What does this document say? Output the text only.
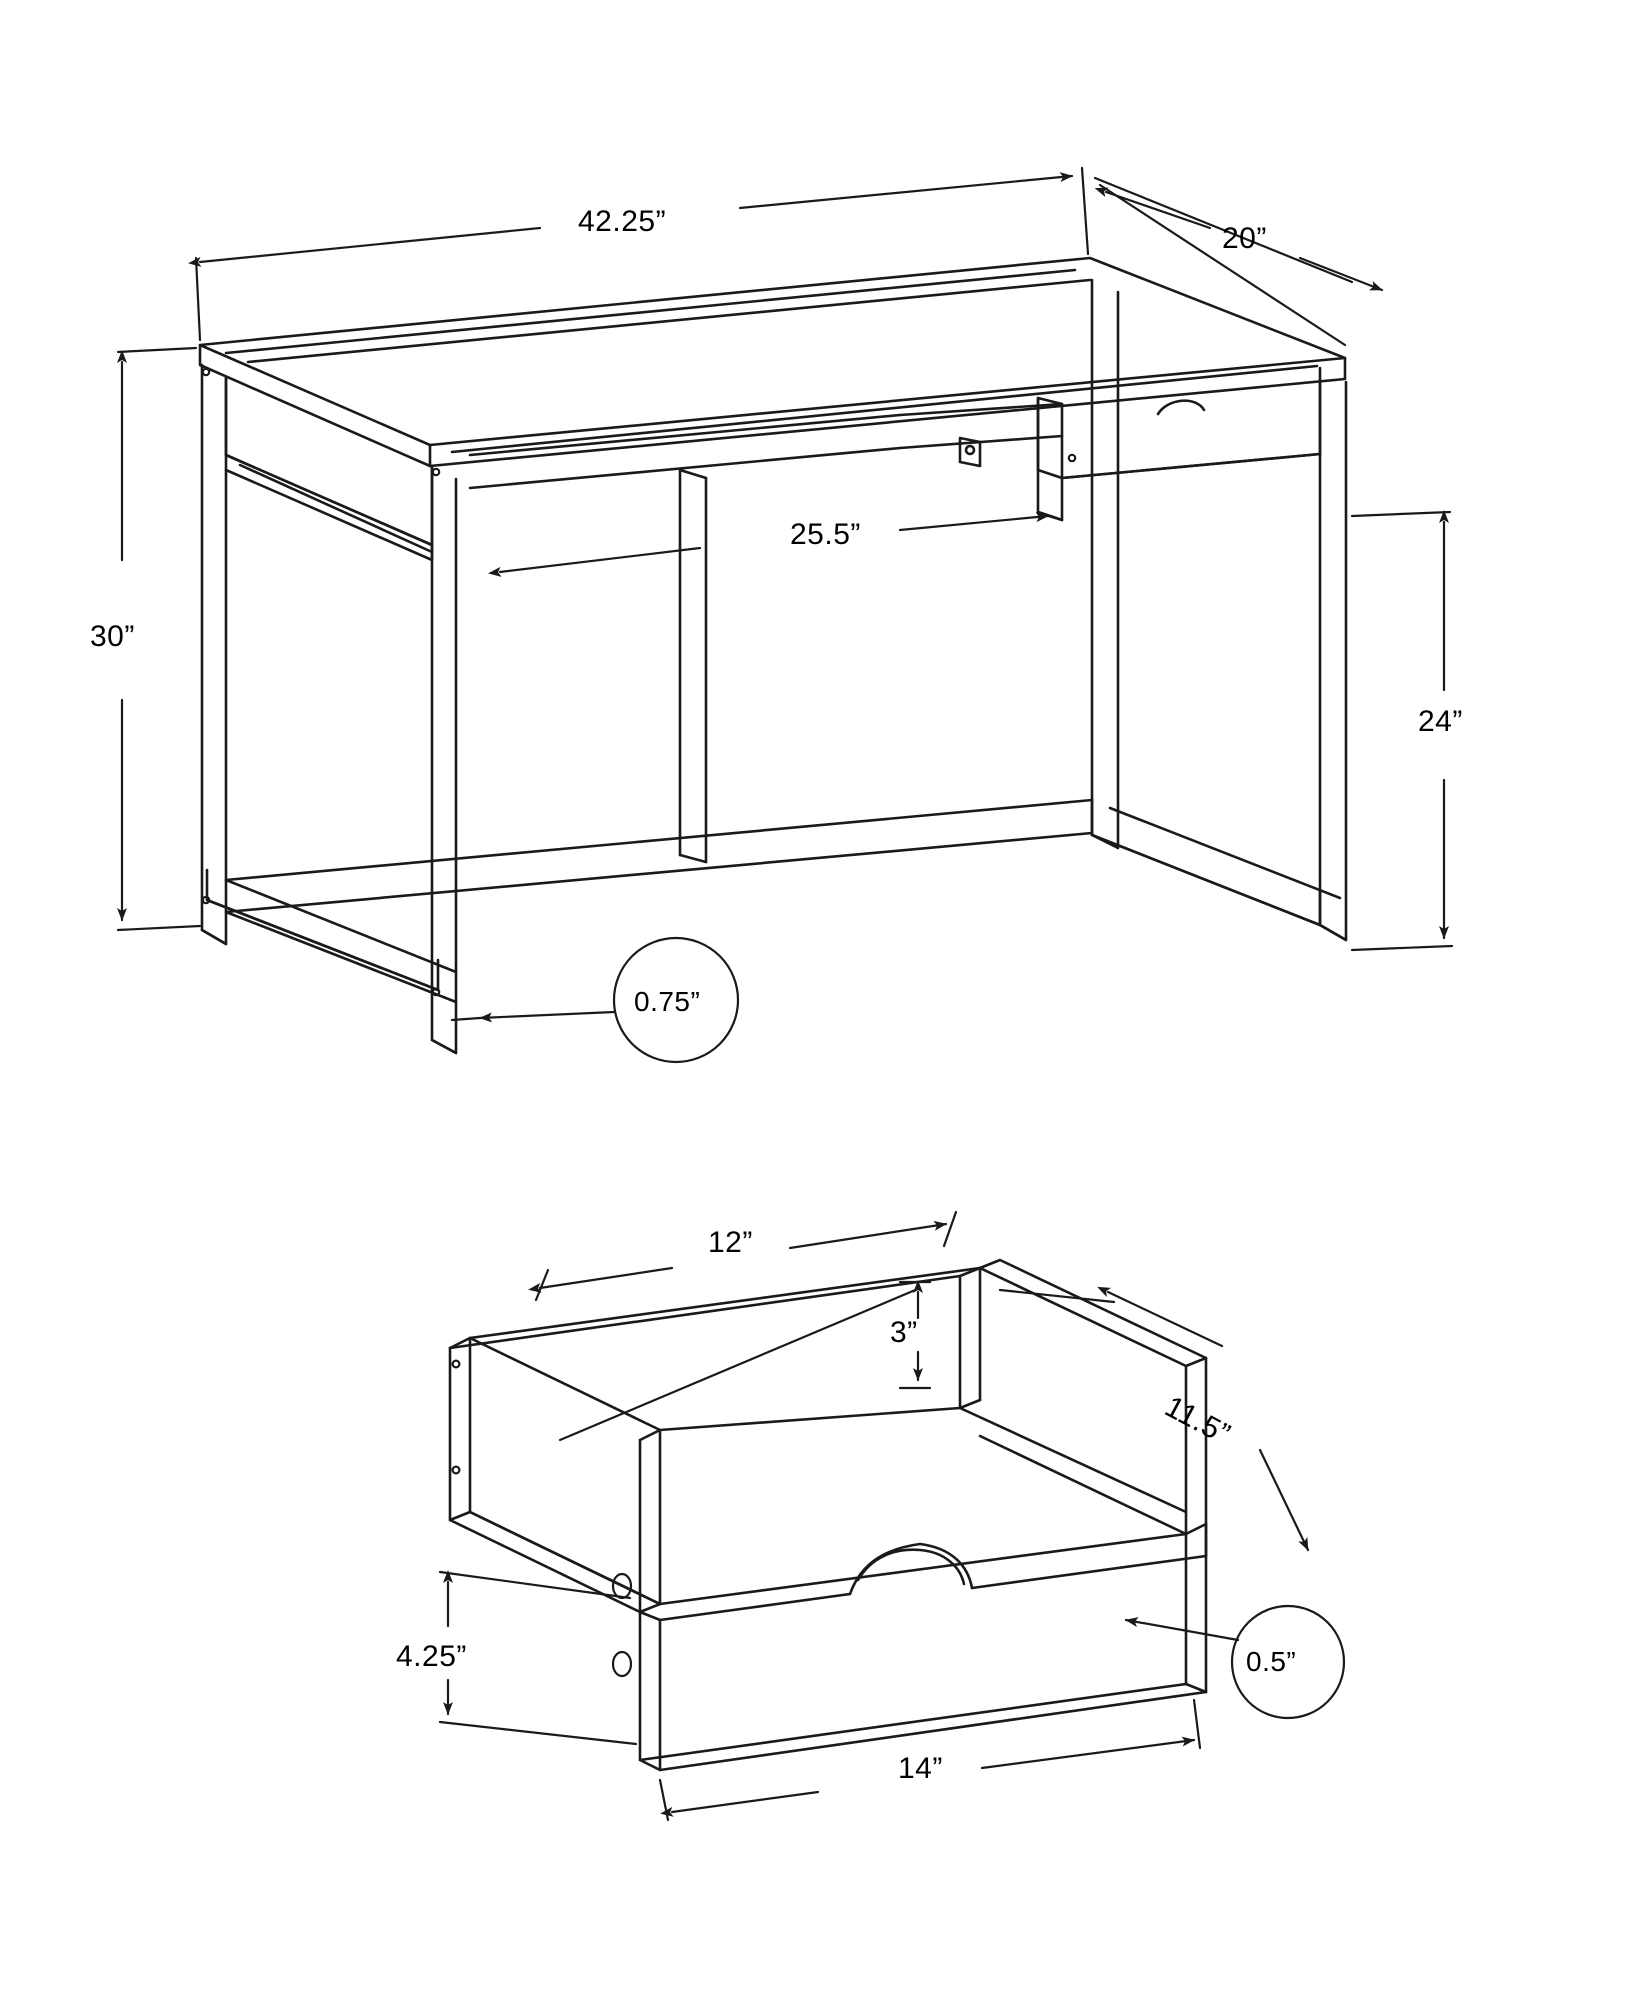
42.25”
20”
30”
25.5”
24”
0.75”
12”
3”
11.5”
4.25”
14”
0.5”
